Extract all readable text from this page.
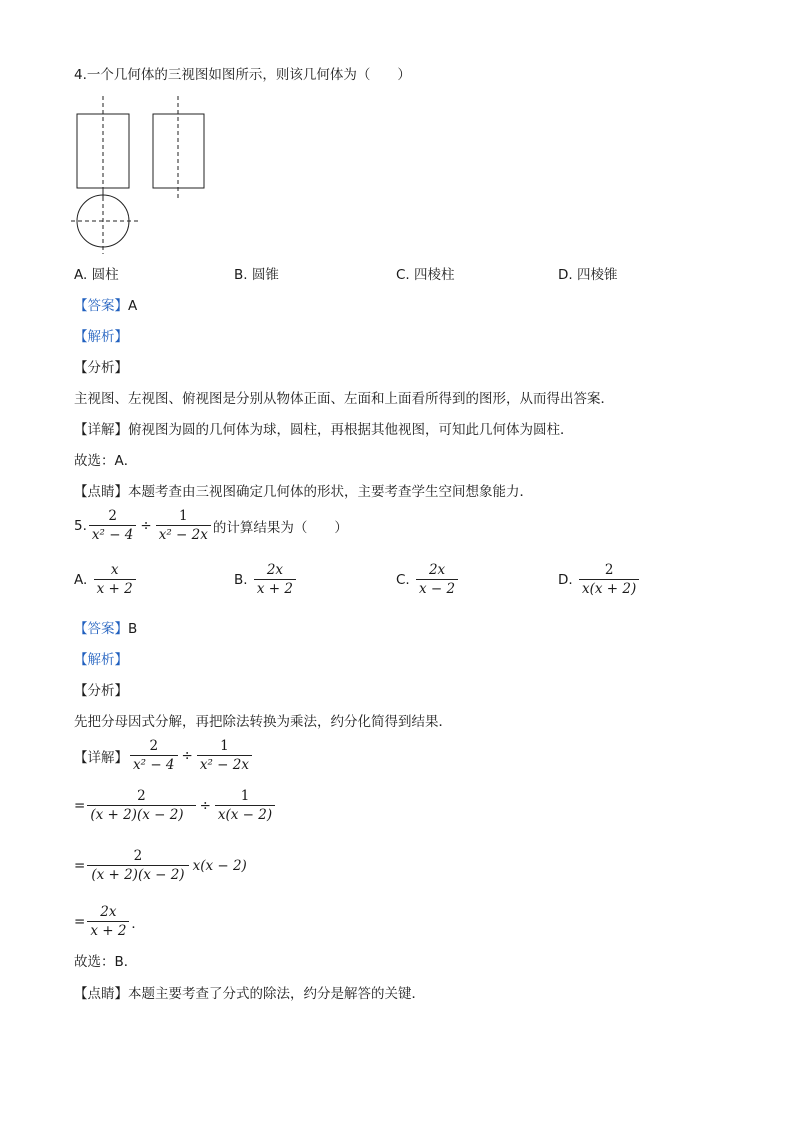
4.一个几何体的三视图如图所示，则该几何体为（　　）
A. 圆柱	B. 圆锥	C. 四棱柱	D. 四棱锥
【答案】A
【解析】
【分析】
主视图、左视图、俯视图是分别从物体正面、左面和上面看所得到的图形，从而得出答案．
【详解】俯视图为圆的几何体为球，圆柱，再根据其他视图，可知此几何体为圆柱．
故选：A．
【点睛】本题考查由三视图确定几何体的形状，主要考查学生空间想象能力．
5. $\frac{2}{\text{x² − 4}} \div \frac{1}{\text{x² − 2x}}$ 的计算结果为（　　）
A.
$\frac{x}{x + 2}$	B.
$\frac{2x}{x + 2}$	C.
$\frac{2x}{x - 2}$	D.
$\frac{2}{x(x + 2)}$
【答案】B
【解析】
【分析】
先把分母因式分解，再把除法转换为乘法，约分化简得到结果．
【详解】 $\frac{2}{\text{x² − 4}} \div \frac{1}{\text{x² − 2x}}$
= $\frac{2}{(x + 2)(x - 2)} \div \frac{1}{x(x - 2)}$
= $\frac{2}{(x + 2)(x - 2)} x(x - 2)$
= $\frac{2x}{x + 2}$ ．
故选：B．
【点睛】本题主要考查了分式的除法，约分是解答的关键．
